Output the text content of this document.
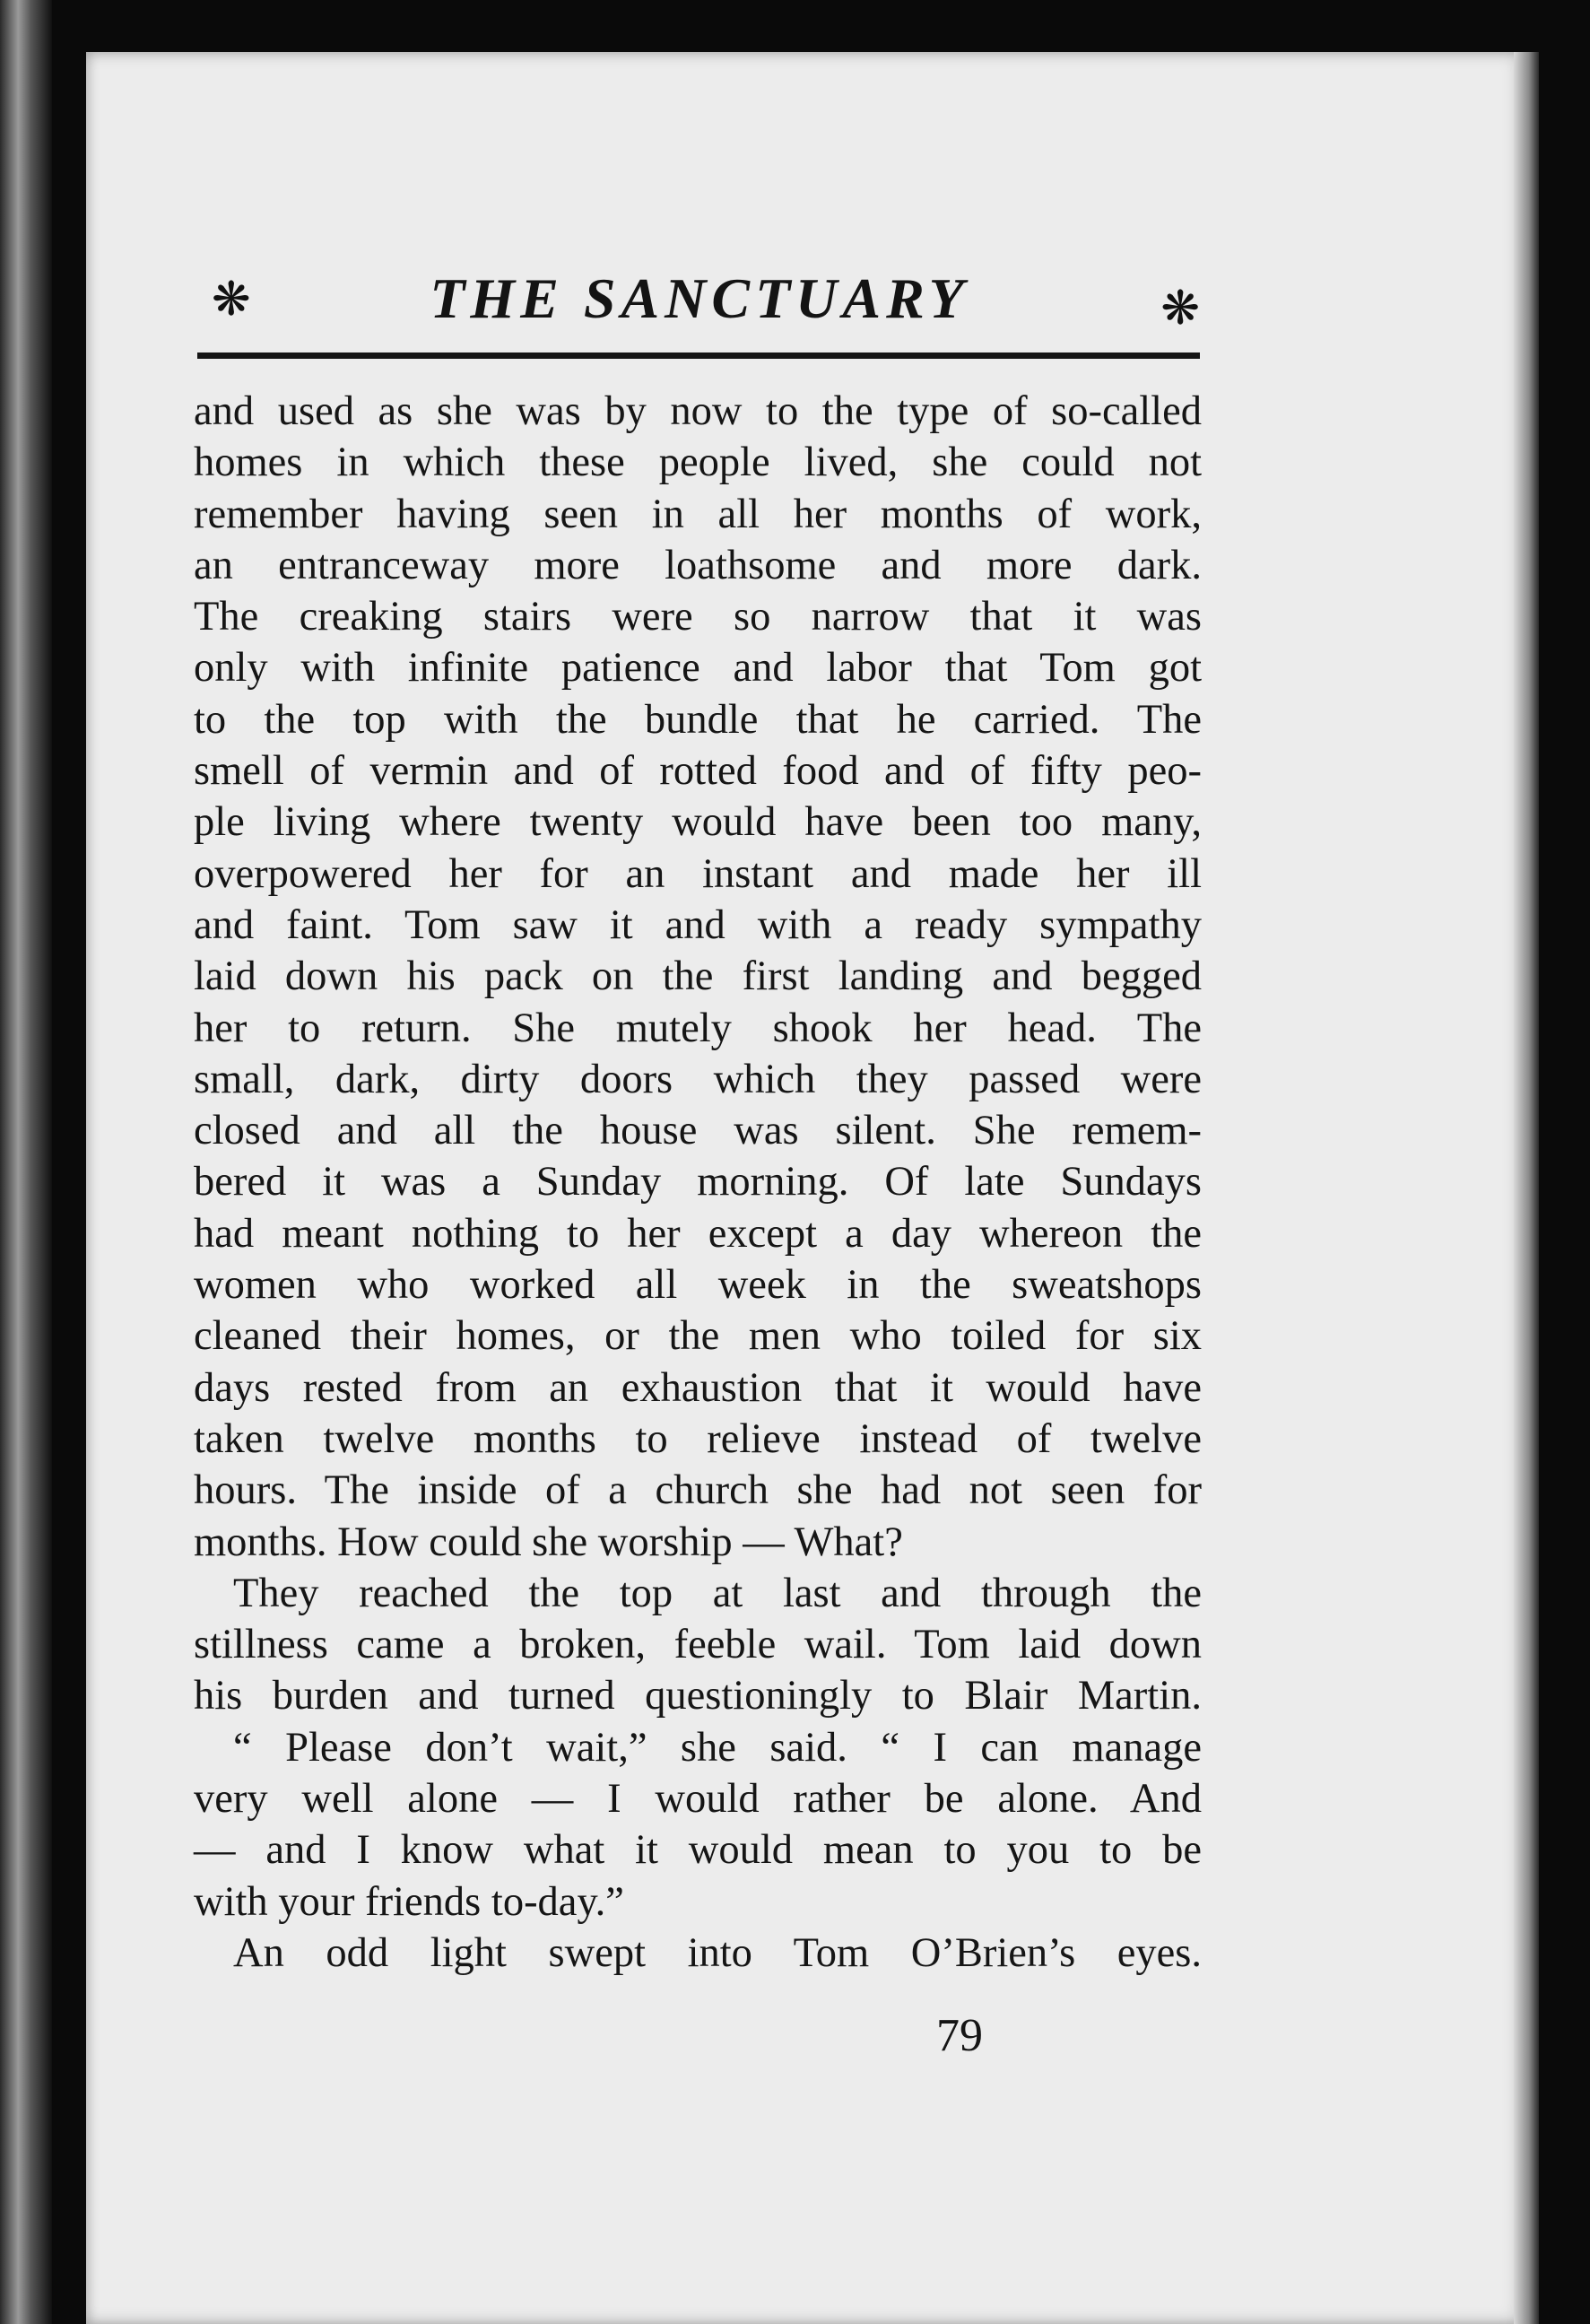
❋	THE SANCTUARY	❋
and used as she was by now to the type of so-called
homes in which these people lived, she could not
remember having seen in all her months of work,
an entranceway more loathsome and more dark.
The creaking stairs were so narrow that it was
only with infinite patience and labor that Tom got
to the top with the bundle that he carried. The
smell of vermin and of rotted food and of fifty peo-
ple living where twenty would have been too many,
overpowered her for an instant and made her ill
and faint. Tom saw it and with a ready sympathy
laid down his pack on the first landing and begged
her to return. She mutely shook her head. The
small, dark, dirty doors which they passed were
closed and all the house was silent. She remem-
bered it was a Sunday morning. Of late Sundays
had meant nothing to her except a day whereon the
women who worked all week in the sweatshops
cleaned their homes, or the men who toiled for six
days rested from an exhaustion that it would have
taken twelve months to relieve instead of twelve
hours. The inside of a church she had not seen for
months. How could she worship — What?
They reached the top at last and through the
stillness came a broken, feeble wail. Tom laid down
his burden and turned questioningly to Blair Martin.
“ Please don’t wait,” she said. “ I can manage
very well alone — I would rather be alone. And
— and I know what it would mean to you to be
with your friends to-day.”
An odd light swept into Tom O’Brien’s eyes.
79
